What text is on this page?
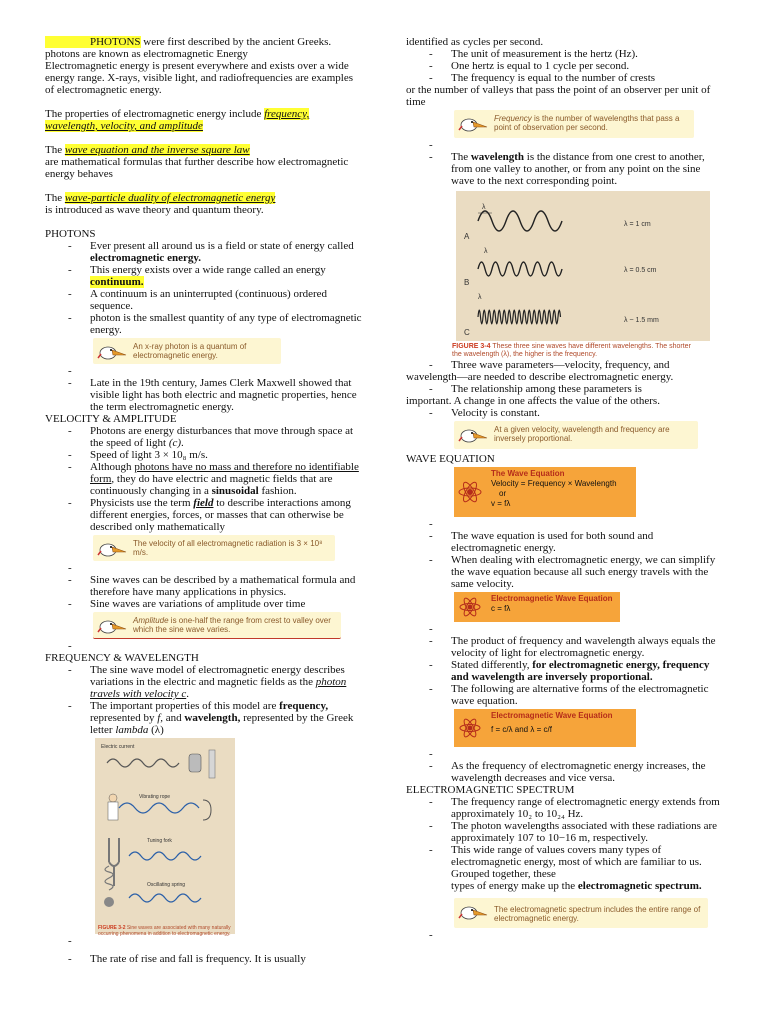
PHOTONS were first described by the ancient Greeks.

photons are known as electromagnetic Energy

Electromagnetic energy is present everywhere and exists over a wide energy range. X-rays, visible light, and radiofrequencies are examples of electromagnetic energy.

The properties of electromagnetic energy include frequency, wavelength, velocity, and amplitude

The wave equation and the inverse square law

are mathematical formulas that further describe how electromagnetic energy behaves

The wave-particle duality of electromagnetic energy

is introduced as wave theory and quantum theory.

PHOTONS

- Ever present all around us is a field or state of energy called electromagnetic energy.
- This energy exists over a wide range called an energy continuum.
- A continuum is an uninterrupted (continuous) ordered sequence.
- photon is the smallest quantity of any type of electromagnetic energy.
An x-ray photon is a quantum of electromagnetic energy.
-
- Late in the 19th century, James Clerk Maxwell showed that visible light has both electric and magnetic properties, hence the term electromagnetic energy.

VELOCITY & AMPLITUDE

- Photons are energy disturbances that move through space at the speed of light (c).
- Speed of light 3 × 10₈ m/s.
- Although photons have no mass and therefore no identifiable form, they do have electric and magnetic fields that are continuously changing in a sinusoidal fashion.
- Physicists use the term field to describe interactions among different energies, forces, or masses that can otherwise be described only mathematically
The velocity of all electromagnetic radiation is 3 × 10⁸ m/s.
-
- Sine waves can be described by a mathematical formula and therefore have many applications in physics.
- Sine waves are variations of amplitude over time
Amplitude is one-half the range from crest to valley over which the sine wave varies.
-

FREQUENCY & WAVELENGTH

- The sine wave model of electromagnetic energy describes variations in the electric and magnetic fields as the photon travels with velocity c.
- The important properties of this model are frequency, represented by f, and wavelength, represented by the Greek letter lambda (λ)
Electric current
Vibrating rope
Tuning fork
Oscillating spring
FIGURE 3-2 Sine waves are associated with many naturally occurring phenomena in addition to electromagnetic energy.
-
- The rate of rise and fall is frequency. It is usually

identified as cycles per second.

- The unit of measurement is the hertz (Hz).
- One hertz is equal to 1 cycle per second.
- The frequency is equal to the number of crests

or the number of valleys that pass the point of an observer per unit of time

Frequency is the number of wavelengths that pass a point of observation per second.
-
- The wavelength is the distance from one crest to another, from one valley to another, or from any point on the sine wave to the next corresponding point.
λ
A
λ = 1 cm
λ
B
λ = 0.5 cm
λ
C
λ ~ 1.5 mm
FIGURE 3-4 These three sine waves have different wavelengths. The shorter the wavelength (λ), the higher is the frequency.
- Three wave parameters—velocity, frequency, and

wavelength—are needed to describe electromagnetic energy.

- The relationship among these parameters is

important. A change in one affects the value of the others.

- Velocity is constant.
At a given velocity, wavelength and frequency are inversely proportional.

WAVE EQUATION

The Wave Equation
Velocity = Frequency × Wavelength
or
v = fλ
-
- The wave equation is used for both sound and electromagnetic energy.
- When dealing with electromagnetic energy, we can simplify the wave equation because all such energy travels with the same velocity.
Electromagnetic Wave Equation
c = fλ
-
- The product of frequency and wavelength always equals the velocity of light for electromagnetic energy.
- Stated differently, for electromagnetic energy, frequency and wavelength are inversely proportional.
- The following are alternative forms of the electromagnetic wave equation.
Electromagnetic Wave Equation
f = c/λ and λ = c/f
-
- As the frequency of electromagnetic energy increases, the wavelength decreases and vice versa.

ELECTROMAGNETIC SPECTRUM

- The frequency range of electromagnetic energy extends from approximately 10₂ to 10₂₄ Hz.
- The photon wavelengths associated with these radiations are approximately 107 to 10−16 m, respectively.
- This wide range of values covers many types of electromagnetic energy, most of which are familiar to us. Grouped together, these

types of energy make up the electromagnetic spectrum.

The electromagnetic spectrum includes the entire range of electromagnetic energy.
-
